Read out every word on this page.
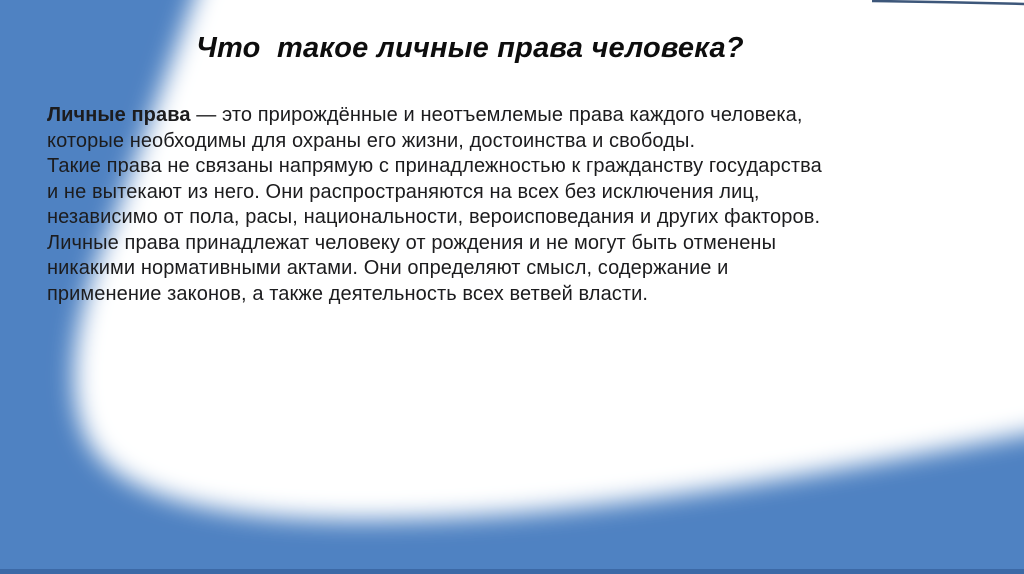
Что  такое личные права человека?
Личные права — это прирождённые и неотъемлемые права каждого человека,
которые необходимы для охраны его жизни, достоинства и свободы.
Такие права не связаны напрямую с принадлежностью к гражданству государства
и не вытекают из него. Они распространяются на всех без исключения лиц,
независимо от пола, расы, национальности, вероисповедания и других факторов.
Личные права принадлежат человеку от рождения и не могут быть отменены
никакими нормативными актами. Они определяют смысл, содержание и
применение законов, а также деятельность всех ветвей власти.
